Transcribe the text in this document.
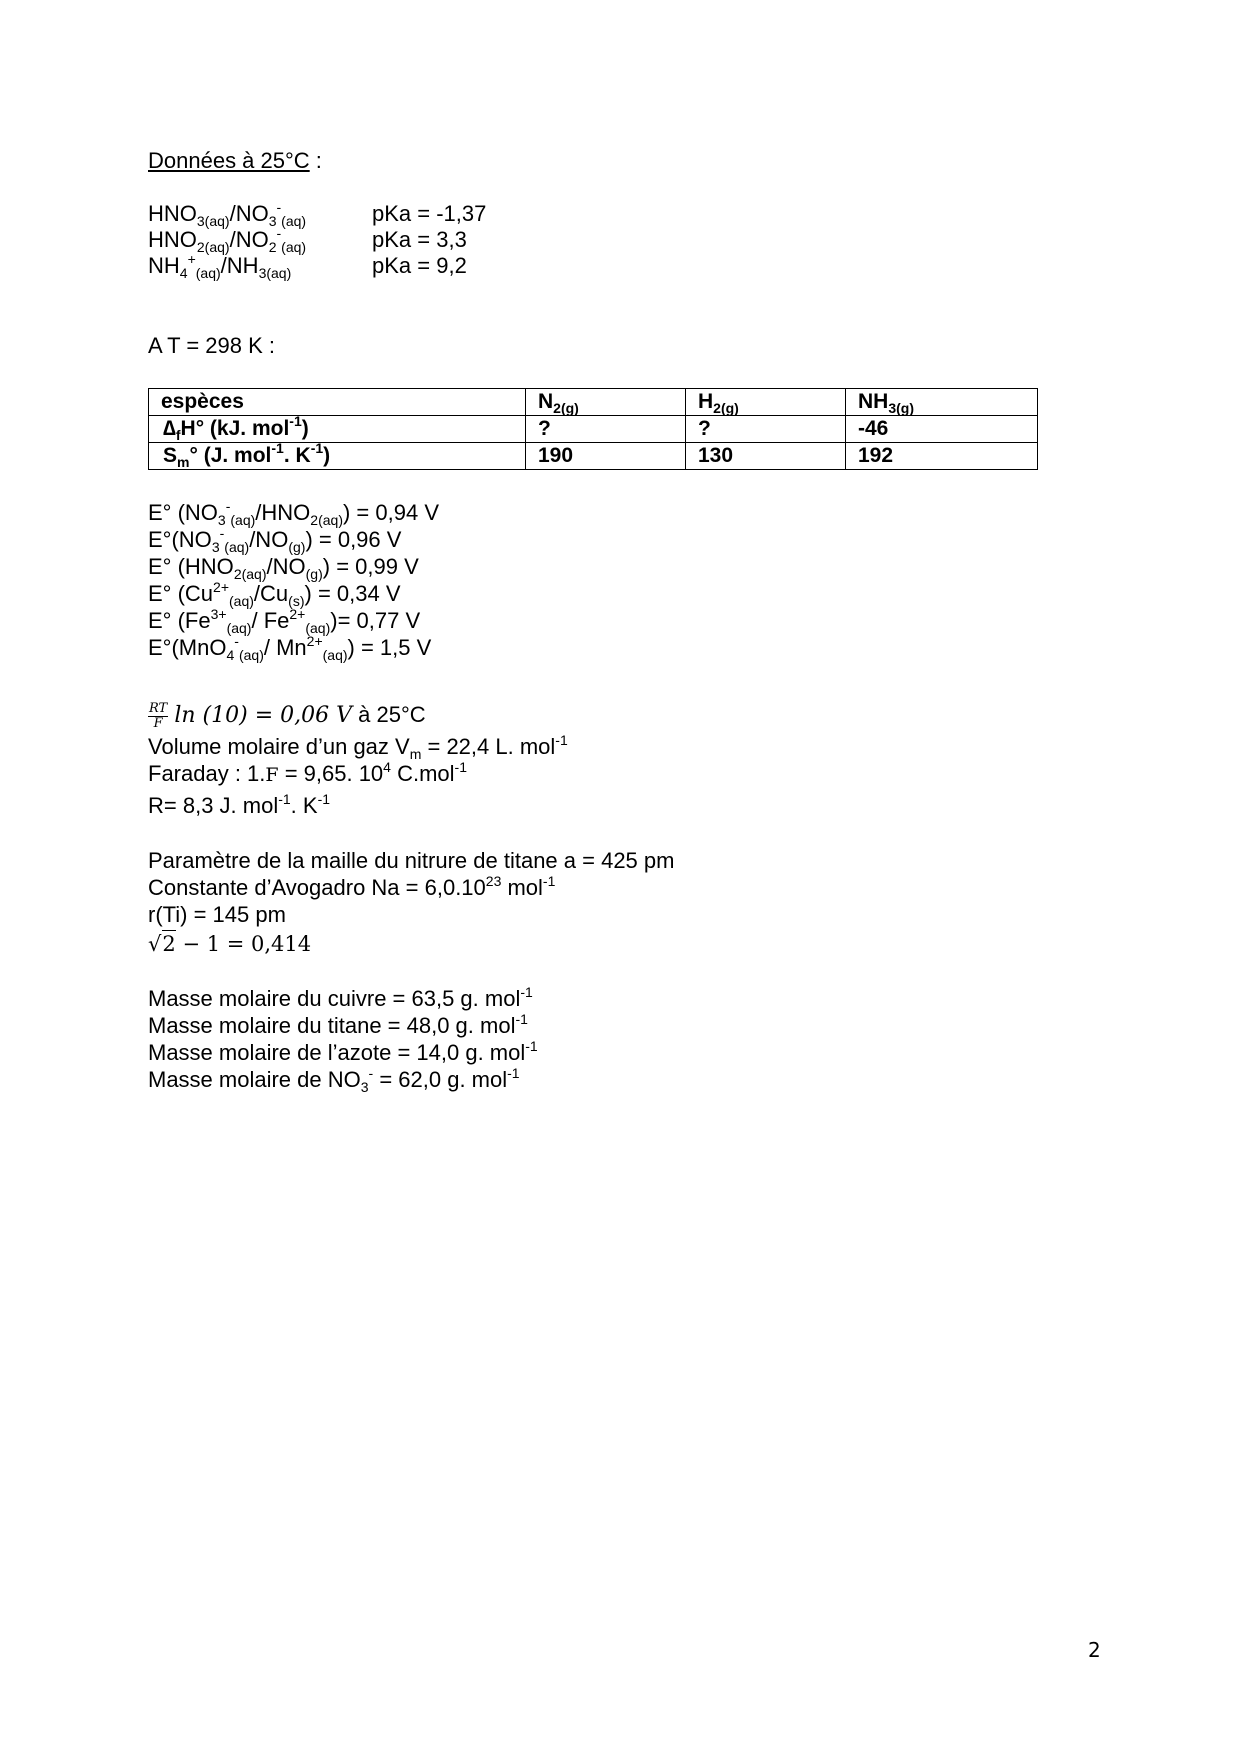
Données à 25°C :
$HNO_{3(aq)}/NO_3^-_{(aq)}$	pKa = -1,37
$HNO_{2(aq)}/NO_2^-_{(aq)}$	pKa = 3,3
$NH_4^+_{(aq)}/NH_{3(aq)}$	pKa = 9,2
A T = 298 K :
espèces	$N_{2(g)}$	$H_{2(g)}$	$NH_{3(g)}$
$\Delta_fH^\circ$ (kJ. mol$^{-1}$)	?	?	-46
$S_m^\circ$ (J. mol$^{-1}$. $K^{-1}$)	190	130	192
E° $(NO_3^-_{(aq)}/HNO_{2(aq)}) = 0,94$ V
$E^\circ(NO_3^-_{(aq)}/NO_{(g)}) = 0,96$ V
E° $(HNO_{2(aq)}/NO_{(g)}) = 0,99$ V
E° $(Cu^{2+}_{(aq)}/Cu_{(s)}) = 0,34$ V
E° ($Fe^{3+}_{(aq)}/$ $Fe^{2+}_{(aq)})= 0,77$ V
E°(MnO$_4$-$_{(aq)}$/ $Mn^{2+}_{(aq)}) = 1,5$ V
$\frac{RT}{F}$ ln (10) = 0,06 V à 25°C
Volume molaire d’un gaz $V_m = 22,4$ L. mol$^{-1}$
Faraday : 1.F = 9,65. $10^4$ C.mol$^{-1}$
R= 8,3 J. mol$^{-1}$. $K^{-1}$
Paramètre de la maille du nitrure de titane a = 425 pm
Constante d’Avogadro $Na = 6,0.10^{23}$ mol$^{-1}$
r(Ti) = 145 pm
√2 − 1 = 0,414
Masse molaire du cuivre = 63,5 g. mol$^{-1}$
Masse molaire du titane = 48,0 g. mol$^{-1}$
Masse molaire de l’azote = 14,0 g. mol$^{-1}$
Masse molaire de $NO_3^- = 62,0$ g. mol$^{-1}$
2
